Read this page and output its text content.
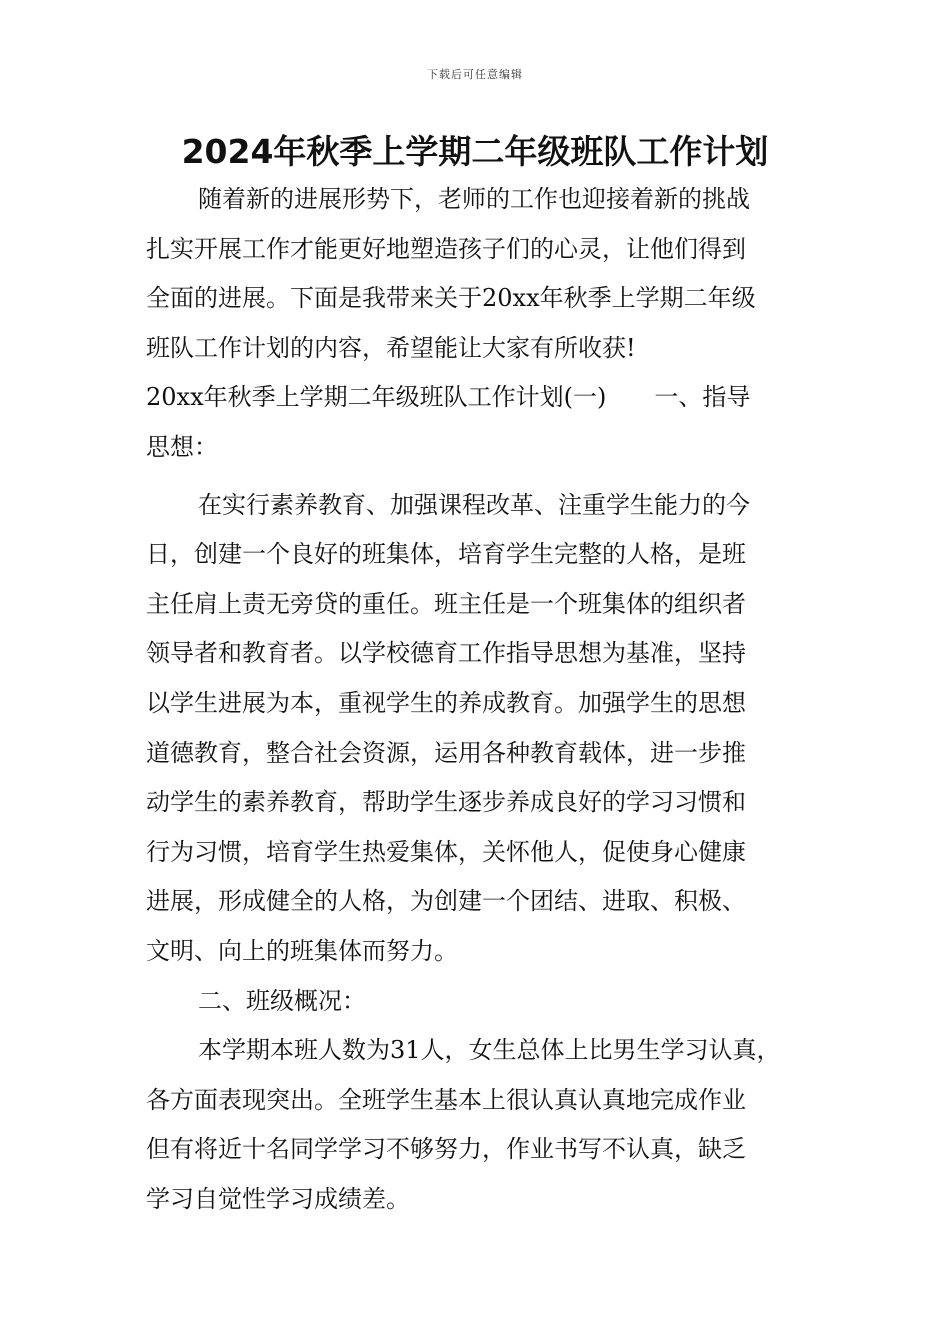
下载后可任意编辑
2024年秋季上学期二年级班队工作计划
随着新的进展形势下，老师的工作也迎接着新的挑战
扎实开展工作才能更好地塑造孩子们的心灵，让他们得到
全面的进展。下面是我带来关于20xx年秋季上学期二年级
班队工作计划的内容，希望能让大家有所收获!
20xx年秋季上学期二年级班队工作计划(一)　　一、指导
思想：
在实行素养教育、加强课程改革、注重学生能力的今
日，创建一个良好的班集体，培育学生完整的人格，是班
主任肩上责无旁贷的重任。班主任是一个班集体的组织者
领导者和教育者。以学校德育工作指导思想为基准，坚持
以学生进展为本，重视学生的养成教育。加强学生的思想
道德教育，整合社会资源，运用各种教育载体，进一步推
动学生的素养教育，帮助学生逐步养成良好的学习习惯和
行为习惯，培育学生热爱集体，关怀他人，促使身心健康
进展，形成健全的人格，为创建一个团结、进取、积极、
文明、向上的班集体而努力。
二、班级概况：
本学期本班人数为31人，女生总体上比男生学习认真，
各方面表现突出。全班学生基本上很认真认真地完成作业
但有将近十名同学学习不够努力，作业书写不认真，缺乏
学习自觉性学习成绩差。
